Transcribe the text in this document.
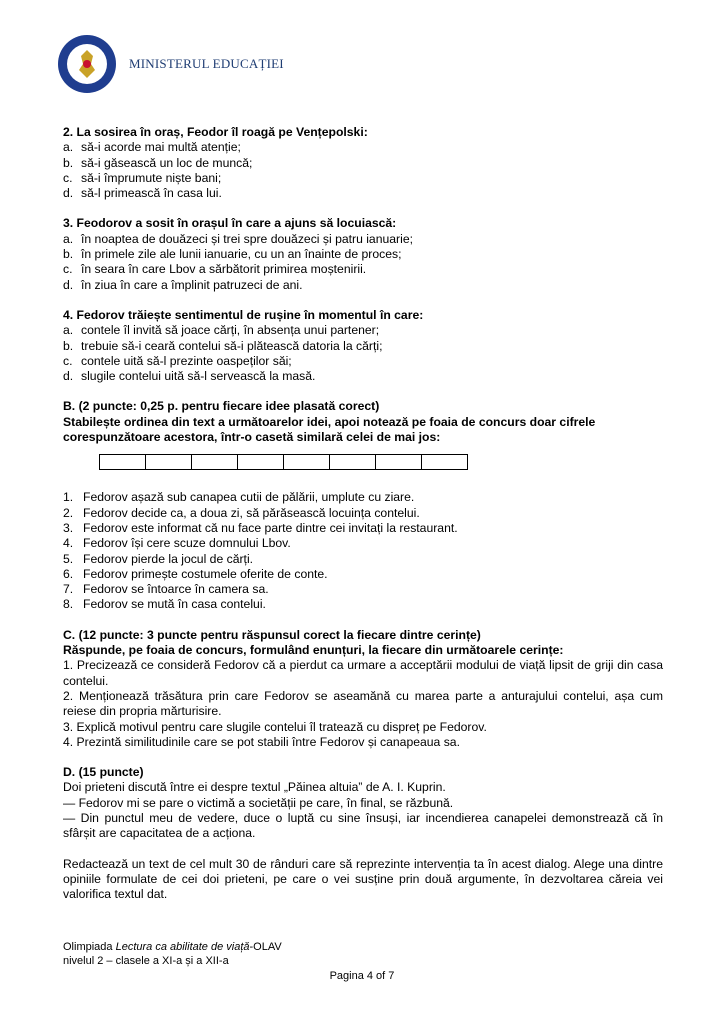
MINISTERUL EDUCAȚIEI

2. La sosirea în oraș, Feodor îl roagă pe Vențepolski:

a. să-i acorde mai multă atenție;
b. să-i găsească un loc de muncă;
c. să-i împrumute niște bani;
d. să-l primească în casa lui.

3. Feodorov a sosit în orașul în care a ajuns să locuiască:

a. în noaptea de douăzeci și trei spre douăzeci și patru ianuarie;
b. în primele zile ale lunii ianuarie, cu un an înainte de proces;
c. în seara în care Lbov a sărbătorit primirea moștenirii.
d. în ziua în care a împlinit patruzeci de ani.

4. Fedorov trăiește sentimentul de rușine în momentul în care:

a. contele îl invită să joace cărți, în absența unui partener;
b. trebuie să-i ceară contelui să-i plătească datoria la cărți;
c. contele uită să-l prezinte oaspeților săi;
d. slugile contelui uită să-l servească la masă.

B. (2 puncte: 0,25 p. pentru fiecare idee plasată corect)

Stabilește ordinea din text a următoarelor idei, apoi notează pe foaia de concurs doar cifrele corespunzătoare acestora, într-o casetă similară celei de mai jos:

1. Fedorov așază sub canapea cutii de pălării, umplute cu ziare.
2. Fedorov decide ca, a doua zi, să părăsească locuința contelui.
3. Fedorov este informat că nu face parte dintre cei invitați la restaurant.
4. Fedorov își cere scuze domnului Lbov.
5. Fedorov pierde la jocul de cărți.
6. Fedorov primește costumele oferite de conte.
7. Fedorov se întoarce în camera sa.
8. Fedorov se mută în casa contelui.

C. (12 puncte: 3 puncte pentru răspunsul corect la fiecare dintre cerințe)

Răspunde, pe foaia de concurs, formulând enunțuri, la fiecare din următoarele cerințe:

1. Precizează ce consideră Fedorov că a pierdut ca urmare a acceptării modului de viață lipsit de griji din casa contelui.

2. Menționează trăsătura prin care Fedorov se aseamănă cu marea parte a anturajului contelui, așa cum reiese din propria mărturisire.

3. Explică motivul pentru care slugile contelui îl tratează cu dispreț pe Fedorov.

4. Prezintă similitudinile care se pot stabili între Fedorov și canapeaua sa.

D. (15 puncte)

Doi prieteni discută între ei despre textul „Păinea altuia” de A. I. Kuprin.

— Fedorov mi se pare o victimă a societății pe care, în final, se răzbună.

— Din punctul meu de vedere, duce o luptă cu sine însuși, iar incendierea canapelei demonstrează că în sfârșit are capacitatea de a acționa.

Redactează un text de cel mult 30 de rânduri care să reprezinte intervenția ta în acest dialog. Alege una dintre opiniile formulate de cei doi prieteni, pe care o vei susține prin două argumente, în dezvoltarea căreia vei valorifica textul dat.

Olimpiada Lectura ca abilitate de viață-OLAV
nivelul 2 – clasele a XI-a și a XII-a
Pagina 4 of 7
